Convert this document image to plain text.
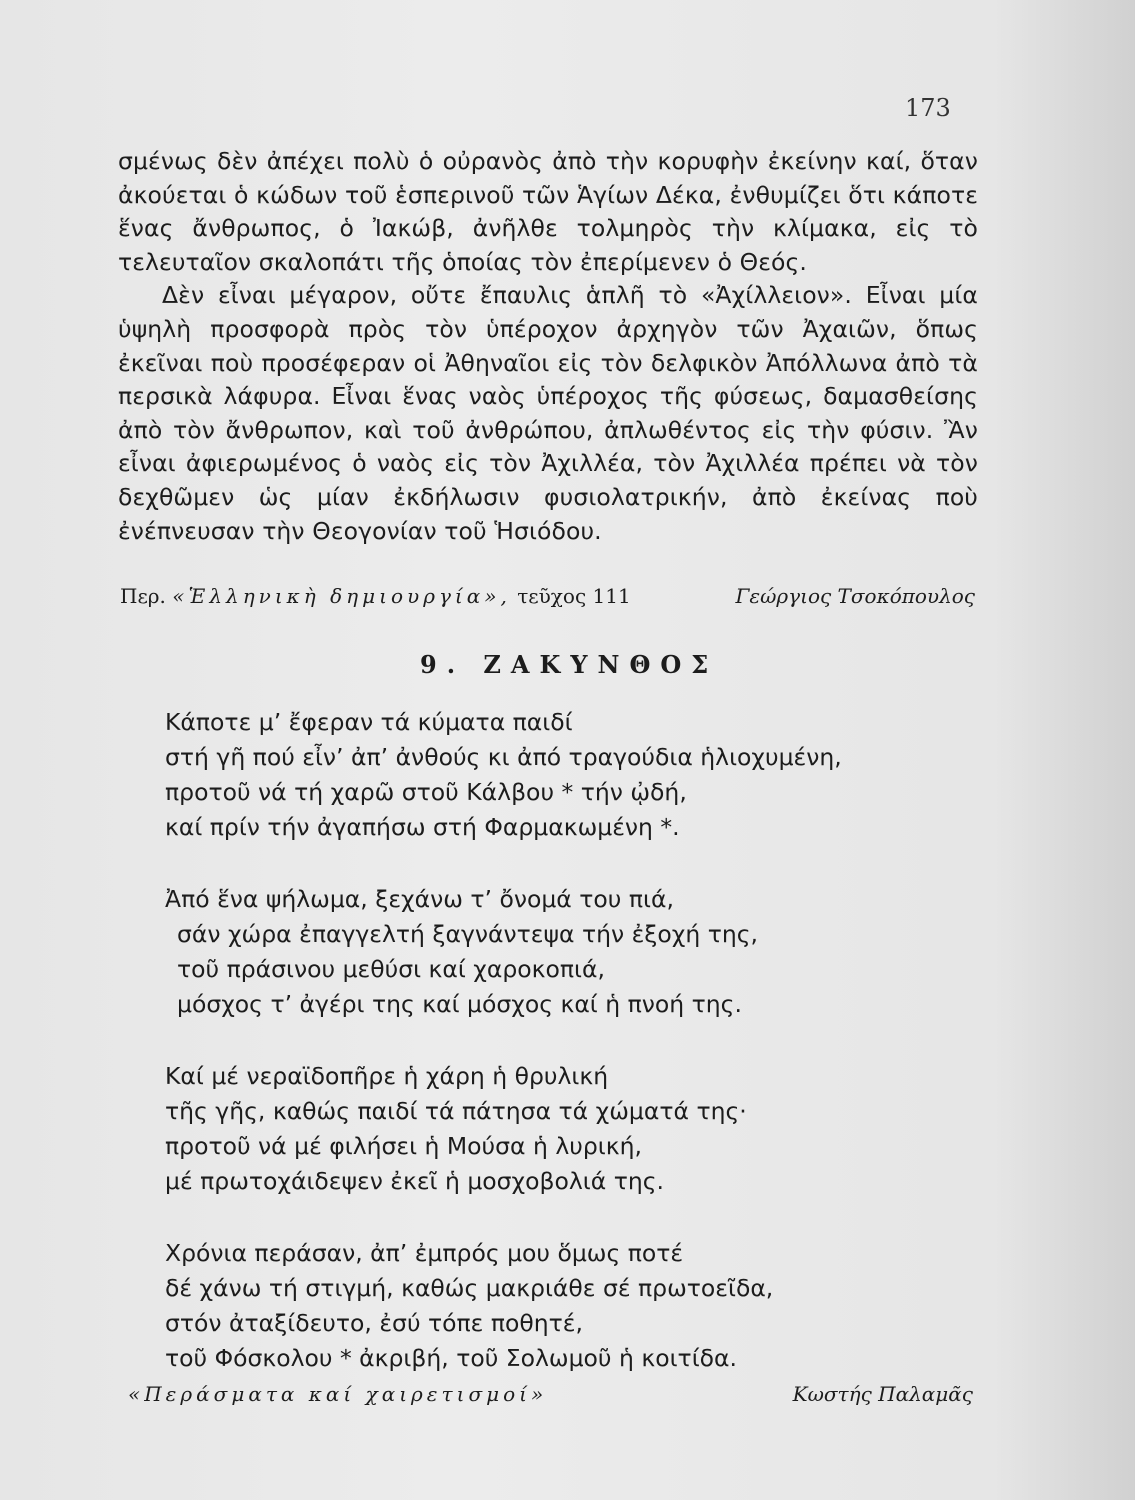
173

σμένως δὲν ἀπέχει πολὺ ὁ οὐρανὸς ἀπὸ τὴν κορυφὴν ἐκείνην καί, ὅταν ἀκούεται ὁ κώδων τοῦ ἑσπερινοῦ τῶν Ἁγίων Δέκα, ἐνθυμίζει ὅτι κάποτε ἕνας ἄνθρωπος, ὁ Ἰακώβ, ἀνῆλθε τολμηρὸς τὴν κλίμακα, εἰς τὸ τελευταῖον σκαλοπάτι τῆς ὁποίας τὸν ἐπερίμενεν ὁ Θεός.

Δὲν εἶναι μέγαρον, οὔτε ἔπαυλις ἁπλῆ τὸ «Ἀχίλλειον». Εἶναι μία ὑψηλὴ προσφορὰ πρὸς τὸν ὑπέροχον ἀρχηγὸν τῶν Ἀχαιῶν, ὅπως ἐκεῖναι ποὺ προσέφεραν οἱ Ἀθηναῖοι εἰς τὸν δελφικὸν Ἀπόλλωνα ἀπὸ τὰ περσικὰ λάφυρα. Εἶναι ἕνας ναὸς ὑπέροχος τῆς φύσεως, δαμασθείσης ἀπὸ τὸν ἄνθρωπον, καὶ τοῦ ἀνθρώπου, ἀπλωθέντος εἰς τὴν φύσιν. Ἂν εἶναι ἀφιερωμένος ὁ ναὸς εἰς τὸν Ἀχιλλέα, τὸν Ἀχιλλέα πρέπει νὰ τὸν δεχθῶμεν ὡς μίαν ἐκδήλωσιν φυσιολατρικήν, ἀπὸ ἐκείνας ποὺ ἐνέπνευσαν τὴν Θεογονίαν τοῦ Ἡσιόδου.

Περ. «Ἑλληνικὴ δημιουργία», τεῦχος 111	Γεώργιος Τσοκόπουλος
9. ΖΑΚΥΝΘΟΣ
Κάποτε μ’ ἔφεραν τά κύματα παιδί
στή γῆ πού εἶν’ ἀπ’ ἀνθούς κι ἀπό τραγούδια ἡλιοχυμένη,
προτοῦ νά τή χαρῶ στοῦ Κάλβου * τήν ᾠδή,
καί πρίν τήν ἀγαπήσω στή Φαρμακωμένη *.
Ἀπό ἕνα ψήλωμα, ξεχάνω τ’ ὄνομά του πιά,
σάν χώρα ἐπαγγελτή ξαγνάντεψα τήν ἐξοχή της,
τοῦ πράσινου μεθύσι καί χαροκοπιά,
μόσχος τ’ ἀγέρι της καί μόσχος καί ἡ πνοή της.
Καί μέ νεραϊδοπῆρε ἡ χάρη ἡ θρυλική
τῆς γῆς, καθώς παιδί τά πάτησα τά χώματά της·
προτοῦ νά μέ φιλήσει ἡ Μούσα ἡ λυρική,
μέ πρωτοχάιδεψεν ἐκεῖ ἡ μοσχοβολιά της.
Χρόνια περάσαν, ἀπ’ ἐμπρός μου ὅμως ποτέ
δέ χάνω τή στιγμή, καθώς μακριάθε σέ πρωτοεῖδα,
στόν ἀταξίδευτο, ἐσύ τόπε ποθητέ,
τοῦ Φόσκολου * ἀκριβή, τοῦ Σολωμοῦ ἡ κοιτίδα.
«Περάσματα καί χαιρετισμοί»	Κωστής Παλαμᾶς
